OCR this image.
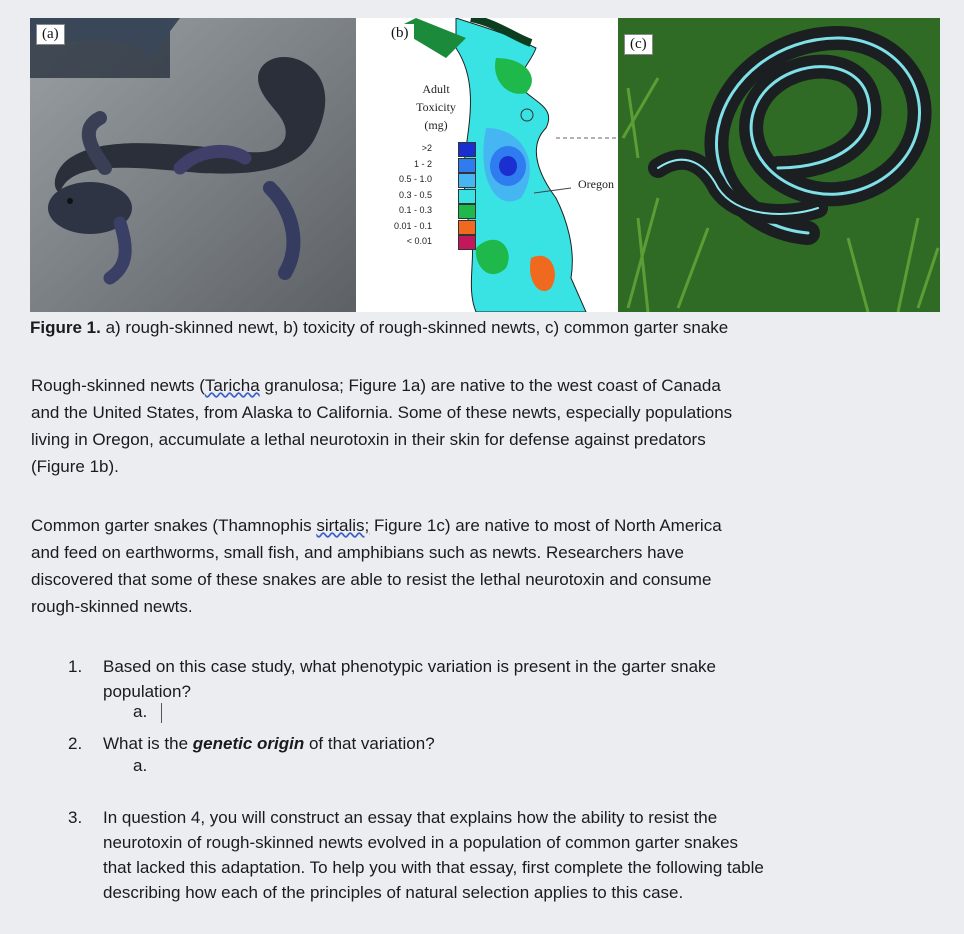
(a)	(b)
Adult
Toxicity
(mg)
>2
1 - 2
0.5 - 1.0
0.3 - 0.5
0.1 - 0.3
0.01 - 0.1
< 0.01
Oregon
(c)
Figure 1. a) rough-skinned newt, b) toxicity of rough-skinned newts, c) common garter snake
Rough-skinned newts (Taricha granulosa; Figure 1a) are native to the west coast of Canada
and the United States, from Alaska to California. Some of these newts, especially populations
living in Oregon, accumulate a lethal neurotoxin in their skin for defense against predators
(Figure 1b).
Common garter snakes (Thamnophis sirtalis; Figure 1c) are native to most of North America
and feed on earthworms, small fish, and amphibians such as newts. Researchers have
discovered that some of these snakes are able to resist the lethal neurotoxin and consume
rough-skinned newts.
1. Based on this case study, what phenotypic variation is present in the garter snake
population?
a.
2. What is the genetic origin of that variation?
a.
3. In question 4, you will construct an essay that explains how the ability to resist the
neurotoxin of rough-skinned newts evolved in a population of common garter snakes
that lacked this adaptation. To help you with that essay, first complete the following table
describing how each of the principles of natural selection applies to this case.
